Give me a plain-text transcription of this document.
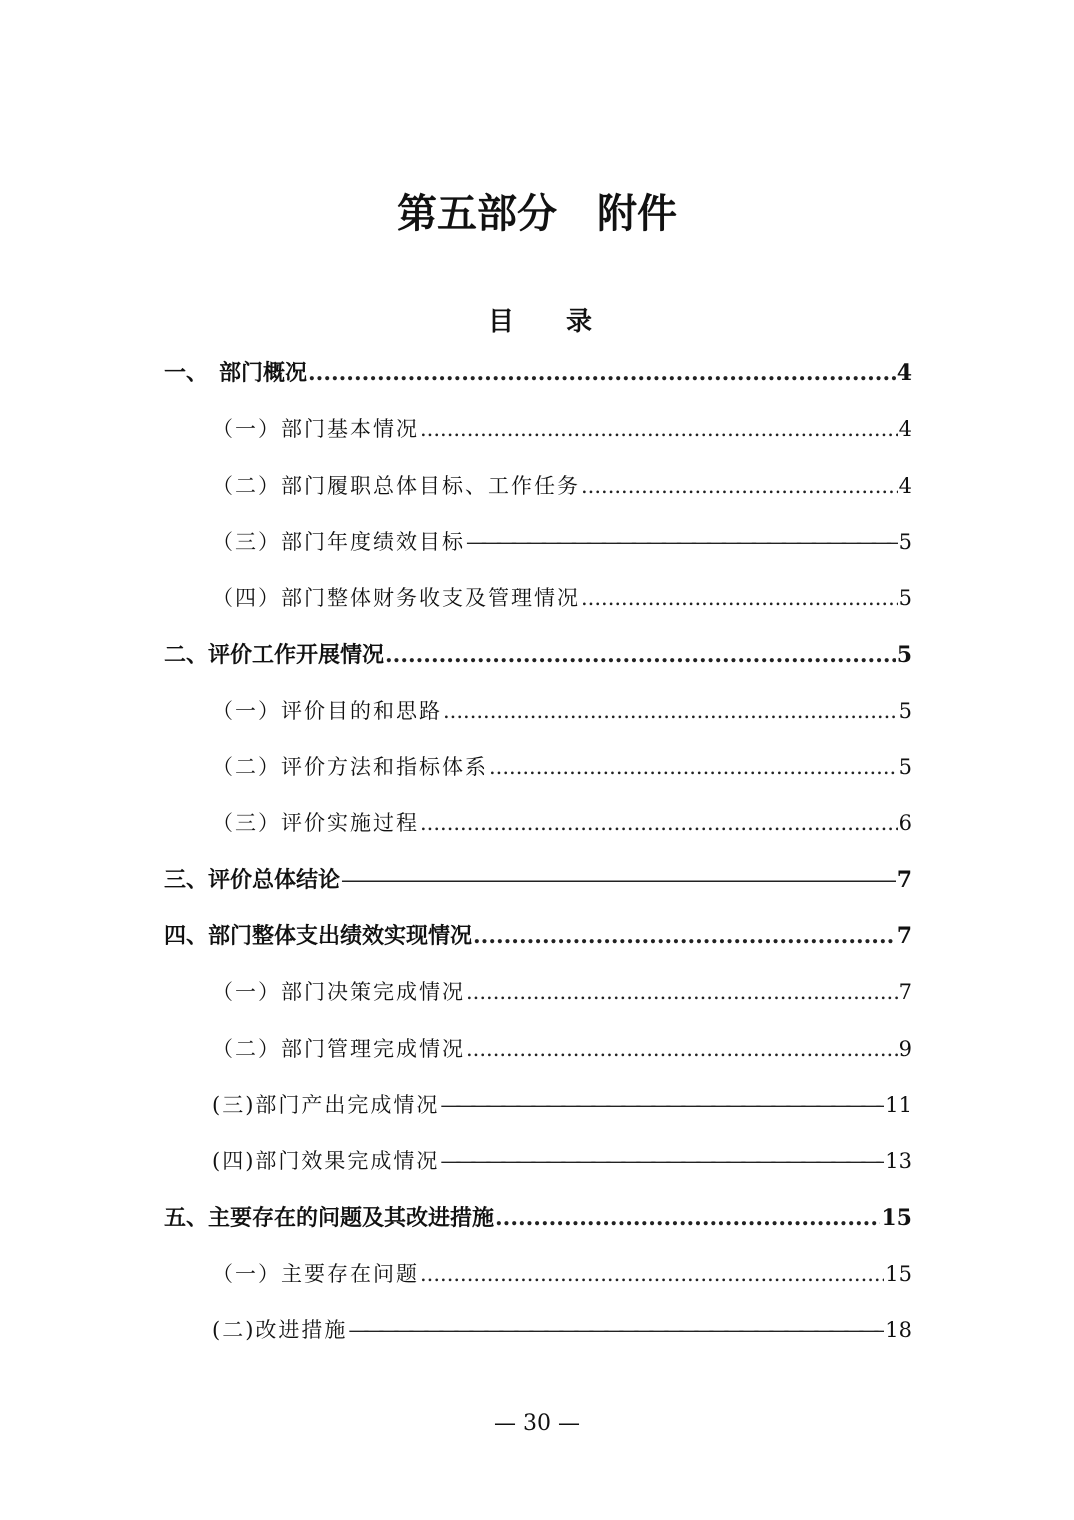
第五部分　附件
目　　录
一、　部门概况 .....	4
（一）部门基本情况 .....	4
（二）部门履职总体目标、工作任务 .....	4
（三）部门年度绩效目标 —————	5
（四）部门整体财务收支及管理情况 .....	5
二、评价工作开展情况 .....	5
（一）评价目的和思路 .....	5
（二）评价方法和指标体系 .....	5
（三）评价实施过程 .....	6
三、评价总体结论 —————	7
四、部门整体支出绩效实现情况 .....	7
（一）部门决策完成情况 .....	7
（二）部门管理完成情况 .....	9
(三)部门产出完成情况 —————	11
(四)部门效果完成情况 —————	13
五、主要存在的问题及其改进措施 .....	15
（一）主要存在问题 .....	15
(二)改进措施 —————	18
— 30 —
